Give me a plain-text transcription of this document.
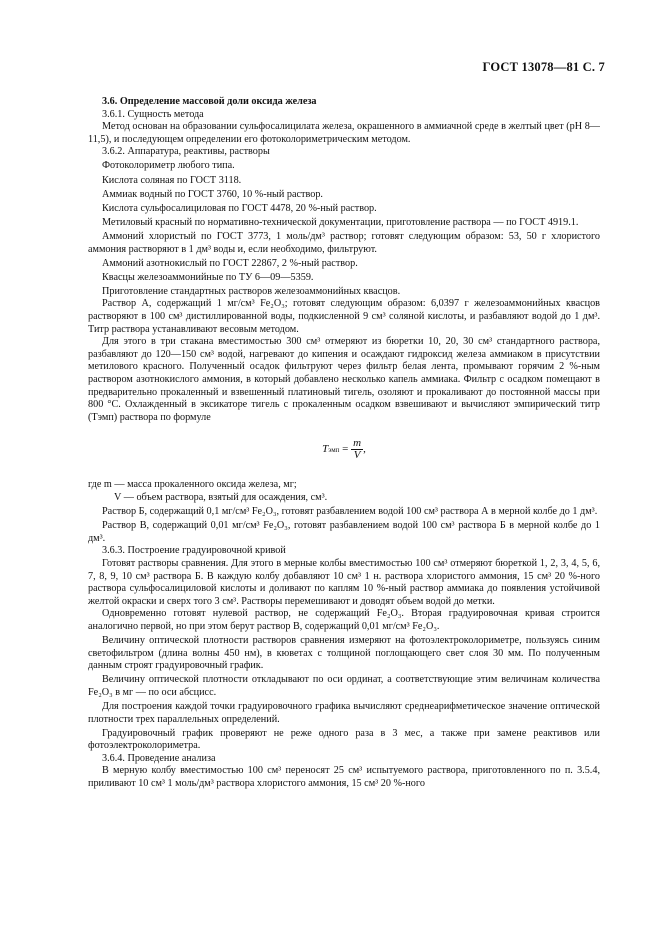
ГОСТ 13078—81 С. 7

3.6. Определение массовой доли оксида железа

3.6.1. Сущность метода

Метод основан на образовании сульфосалицилата железа, окрашенного в аммиачной среде в желтый цвет (pH 8—11,5), и последующем определении его фотоколориметрическим методом.

3.6.2. Аппаратура, реактивы, растворы

Фотоколориметр любого типа.

Кислота соляная по ГОСТ 3118.

Аммиак водный по ГОСТ 3760, 10 %-ный раствор.

Кислота сульфосалициловая по ГОСТ 4478, 20 %-ный раствор.

Метиловый красный по нормативно-технической документации, приготовление раствора — по ГОСТ 4919.1.

Аммоний хлористый по ГОСТ 3773, 1 моль/дм³ раствор; готовят следующим образом: 53, 50 г хлористого аммония растворяют в 1 дм³ воды и, если необходимо, фильтруют.

Аммоний азотнокислый по ГОСТ 22867, 2 %-ный раствор.

Квасцы железоаммонийные по ТУ 6—09—5359.

Приготовление стандартных растворов железоаммонийных квасцов.

Раствор А, содержащий 1 мг/см³ Fe₂O₃; готовят следующим образом: 6,0397 г железоаммонийных квасцов растворяют в 100 см³ дистиллированной воды, подкисленной 9 см³ соляной кислоты, и разбавляют водой до 1 дм³. Титр раствора устанавливают весовым методом.

Для этого в три стакана вместимостью 300 см³ отмеряют из бюретки 10, 20, 30 см³ стандартного раствора, разбавляют до 120—150 см³ водой, нагревают до кипения и осаждают гидроксид железа аммиаком в присутствии метилового красного. Полученный осадок фильтруют через фильтр белая лента, промывают горячим 2 %-ным раствором азотнокислого аммония, в который добавлено несколько капель аммиака. Фильтр с осадком помещают в предварительно прокаленный и взвешенный платиновый тигель, озоляют и прокаливают до постоянной массы при 800 °С. Охлажденный в эксикаторе тигель с прокаленным осадком взвешивают и вычисляют эмпирический титр (Tэмп) раствора по формуле

Tэмп = $\frac{m}{V}$ ,

где m — масса прокаленного оксида железа, мг;

V — объем раствора, взятый для осаждения, см³.

Раствор Б, содержащий 0,1 мг/см³ Fe₂O₃, готовят разбавлением водой 100 см³ раствора А в мерной колбе до 1 дм³.

Раствор В, содержащий 0,01 мг/см³ Fe₂O₃, готовят разбавлением водой 100 см³ раствора Б в мерной колбе до 1 дм³.

3.6.3. Построение градуировочной кривой

Готовят растворы сравнения. Для этого в мерные колбы вместимостью 100 см³ отмеряют бюреткой 1, 2, 3, 4, 5, 6, 7, 8, 9, 10 см³ раствора Б. В каждую колбу добавляют 10 см³ 1 н. раствора хлористого аммония, 15 см³ 20 %-ного раствора сульфосалициловой кислоты и доливают по каплям 10 %-ный раствор аммиака до появления устойчивой желтой окраски и сверх того 3 см³. Растворы перемешивают и доводят объем водой до метки.

Одновременно готовят нулевой раствор, не содержащий Fe₂O₃. Вторая градуировочная кривая строится аналогично первой, но при этом берут раствор В, содержащий 0,01 мг/см³ Fe₂O₃.

Величину оптической плотности растворов сравнения измеряют на фотоэлектроколориметре, пользуясь синим светофильтром (длина волны 450 нм), в кюветах с толщиной поглощающего свет слоя 30 мм. По полученным данным строят градуировочный график.

Величину оптической плотности откладывают по оси ординат, а соответствующие этим величинам количества Fe₂O₃ в мг — по оси абсцисс.

Для построения каждой точки градуировочного графика вычисляют среднеарифметическое значение оптической плотности трех параллельных определений.

Градуировочный график проверяют не реже одного раза в 3 мес, а также при замене реактивов или фотоэлектроколориметра.

3.6.4. Проведение анализа

В мерную колбу вместимостью 100 см³ переносят 25 см³ испытуемого раствора, приготовленного по п. 3.5.4, приливают 10 см³ 1 моль/дм³ раствора хлористого аммония, 15 см³ 20 %-ного
